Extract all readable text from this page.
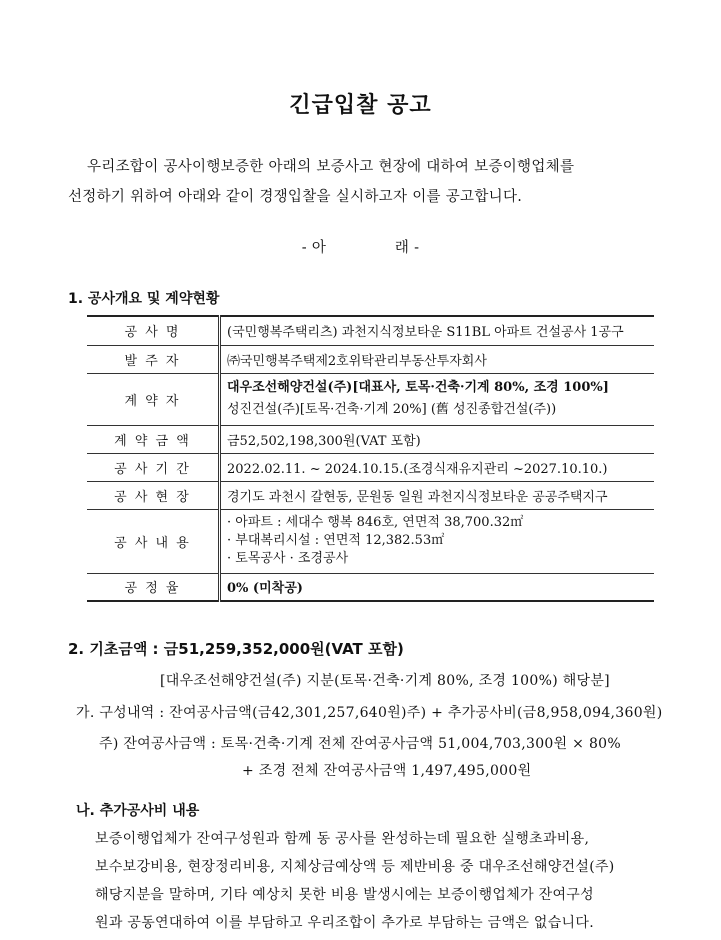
긴급입찰 공고
우리조합이 공사이행보증한 아래의 보증사고 현장에 대하여 보증이행업체를
선정하기 위하여 아래와 같이 경쟁입찰을 실시하고자 이를 공고합니다.
- 아              래 -
1. 공사개요 및 계약현황
공 사 명	(국민행복주택리츠) 과천지식정보타운 S11BL 아파트 건설공사 1공구

발 주 자	㈜국민행복주택제2호위탁관리부동산투자회사

계 약 자	대우조선해양건설(주)[대표사, 토목·건축·기계 80%, 조경 100%]
성진건설(주)[토목·건축·기계 20%] (舊 성진종합건설(주))

계 약 금 액	금52,502,198,300원(VAT 포함)

공 사 기 간	2022.02.11. ~ 2024.10.15.(조경식재유지관리 ~2027.10.10.)

공 사 현 장	경기도 과천시 갈현동, 문원동 일원 과천지식정보타운 공공주택지구

공 사 내 용	· 아파트 : 세대수 행복 846호, 연면적 38,700.32㎡
· 부대복리시설 : 연면적 12,382.53㎡
· 토목공사 · 조경공사

공 정 율	0% (미착공)
2. 기초금액 : 금51,259,352,000원(VAT 포함)
[대우조선해양건설(주) 지분(토목·건축·기계 80%, 조경 100%) 해당분]
가. 구성내역 : 잔여공사금액(금42,301,257,640원)주) + 추가공사비(금8,958,094,360원)
주) 잔여공사금액 : 토목·건축·기계 전체 잔여공사금액 51,004,703,300원 × 80%
+ 조경 전체 잔여공사금액 1,497,495,000원
나. 추가공사비 내용
보증이행업체가 잔여구성원과 함께 동 공사를 완성하는데 필요한 실행초과비용,
보수보강비용, 현장정리비용, 지체상금예상액 등 제반비용 중 대우조선해양건설(주)
해당지분을 말하며, 기타 예상치 못한 비용 발생시에는 보증이행업체가 잔여구성
원과 공동연대하여 이를 부담하고 우리조합이 추가로 부담하는 금액은 없습니다.
